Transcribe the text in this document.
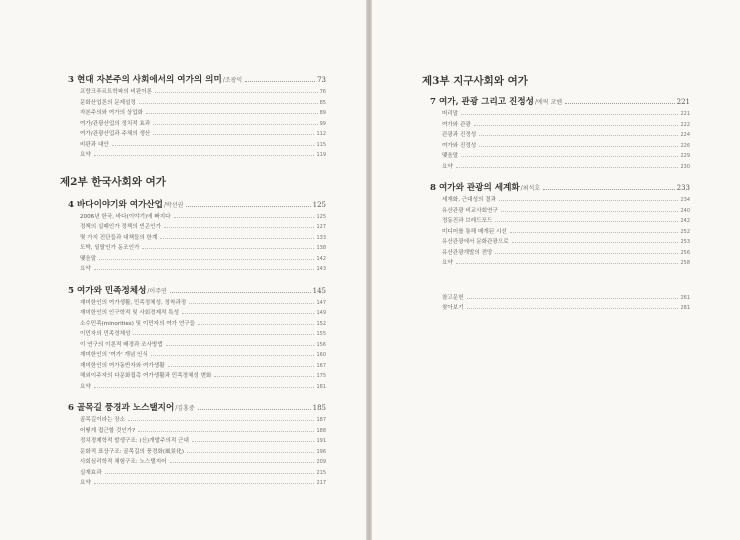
3 현대 자본주의 사회에서의 여가의 의미 /조광익	73
프랑크푸르트학파의 비판이론	76
문화산업론의 문제설정	85
자본주의와 여가의 상업화	89
여가/관광산업의 정치적 효과	99
여가/관광산업과 주체의 생산	112
비판과 대안	115
요약	119
제2부 한국사회와 여가
4 바다이야기와 여가산업 /박선권	125
2006년 한국, 바다(이야기)에 빠지다	125
정책의 실패인가 정책의 빈곤인가	127
몇 가지 진단들과 대책들의 한계	133
도박, 일탈인가 동조인가	138
맺음말	142
요약	143
5 여가와 민족정체성 /이주연	145
재미한인의 여가생활, 민족정체성, 정착과정	147
재미한인의 인구학적 및 사회경제적 특성	149
소수민족(minorities) 및 이민자의 여가 연구들	152
이민자의 민족정체성	155
이 연구의 이론적 배경과 조사방법	156
재미한인의 '여가' 개념 인식	160
재미한인의 여가동반자와 여가생활	167
해외이주자의 다문화접촉 여가생활과 민족정체성 변화	175
요약	181
6 골목길 풍경과 노스탤지어 /김홍중	185
골목길이라는 장소	187
어떻게 접근할 것인가?	188
정치경제학적 발생구조: (신)개발주의적 근대	191
문화적 표상구조: 골목길의 풍경화(風景化)	196
사회심리학적 체험구조: 노스탤지어	209
실재효과	215
요약	217
제3부 지구사회와 여가
7 여가, 관광 그리고 진정성 /에릭 코헨	221
머리말	221
여가와 관광	222
관광과 진정성	224
여가와 진정성	226
맺음말	229
요약	230
8 여가와 관광의 세계화 /최석호	233
세계화, 근대성의 결과	234
유산관광 비교사회연구	240
정동진과 브레드포드	242
미디어를 통해 매개된 시선	252
유산관광에서 문화관광으로	253
유산관광개발의 전망	256
요약	258
참고문헌	261
찾아보기	281
